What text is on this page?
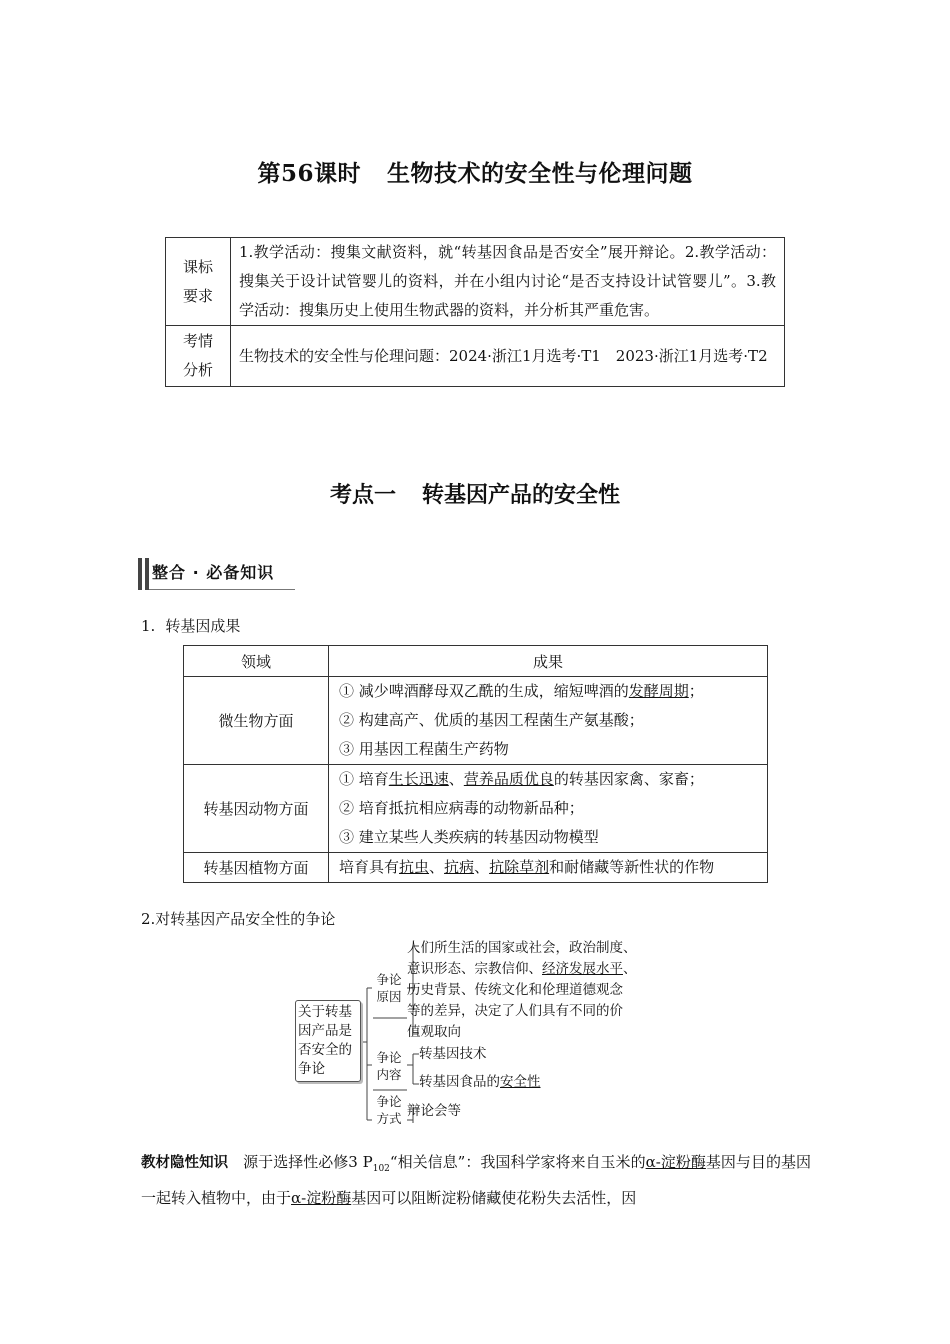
第56课时 生物技术的安全性与伦理问题
课标
要求	1.教学活动：搜集文献资料，就“转基因食品是否安全”展开辩论。2.教学活动：搜集关于设计试管婴儿的资料，并在小组内讨论“是否支持设计试管婴儿”。3.教学活动：搜集历史上使用生物武器的资料，并分析其严重危害。
考情
分析	生物技术的安全性与伦理问题：2024·浙江1月选考·T1　2023·浙江1月选考·T2
考点一 转基因产品的安全性
整合 · 必备知识
1. 转基因成果
领域	成果
微生物方面	① 减少啤酒酵母双乙酰的生成，缩短啤酒的发酵周期；
② 构建高产、优质的基因工程菌生产氨基酸；
③ 用基因工程菌生产药物

转基因动物方面	① 培育生长迅速、营养品质优良的转基因家禽、家畜；
② 培育抵抗相应病毒的动物新品种；
③ 建立某些人类疾病的转基因动物模型

转基因植物方面	培育具有抗虫、抗病、抗除草剂和耐储藏等新性状的作物
2.对转基因产品安全性的争论
关于转基
因产品是
否安全的
争论
争论
原因
人们所生活的国家或社会，政治制度、
意识形态、宗教信仰、经济发展水平、
历史背景、传统文化和伦理道德观念
等的差异，决定了人们具有不同的价
值观取向
争论
内容
转基因技术
转基因食品的安全性
争论
方式 辩论会等
教材隐性知识　 源于选择性必修3 $P_{102}“$相关信息”：我国科学家将来自玉米的α-淀粉酶基因与目的基因一起转入植物中，由于α-淀粉酶基因可以阻断淀粉储藏使花粉失去活性，因
